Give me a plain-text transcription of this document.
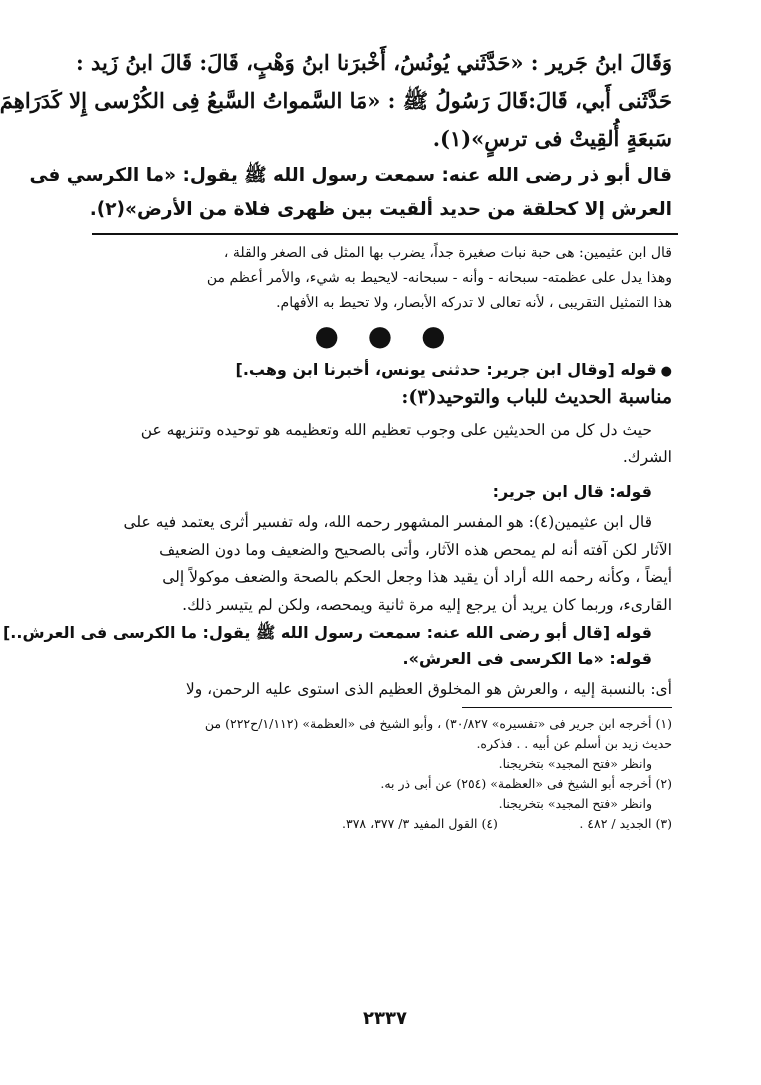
وَقَالَ ابنُ جَرير : «حَدَّثَني يُونُسُ، أَخْبرَنا ابنُ وَهْبٍ، قَالَ: قَالَ ابنُ زَيد :
حَدَّثَنى أَبي، قَالَ:قَالَ رَسُولُ ﷺ : «مَا السَّمواتُ السَّبعُ فِى الكُرْسى إِلا كَدَرَاهِمَ
سَبعَةٍ أُلقِيتْ فى ترسٍ»(١).
قال أبو ذر رضى الله عنه: سمعت رسول الله ﷺ يقول: «ما الكرسي فى
العرش إلا كحلقة من حديد ألقيت بين ظهرى فلاة من الأرض»(٢).
قال ابن عثيمين: هى حبة نبات صغيرة جداً، يضرب بها المثل فى الصغر والقلة ،
وهذا يدل على عظمته- سبحانه - وأنه - سبحانه- لايحيط به شيء، والأمر أعظم من
هذا التمثيل التقريبى ، لأنه تعالى لا تدركه الأبصار، ولا تحيط به الأفهام.
● ● ●
●قوله [وقال ابن جرير: حدثنى يونس، أخبرنا ابن وهب.]
مناسبة الحديث للباب والتوحيد(٣):
حيث دل كل من الحديثين على وجوب تعظيم الله وتعظيمه هو توحيده وتنزيهه عن
الشرك.
قوله: قال ابن جرير:
قال ابن عثيمين(٤): هو المفسر المشهور رحمه الله، وله تفسير أثرى يعتمد فيه على
الآثار لكن آفته أنه لم يمحص هذه الآثار، وأتى بالصحيح والضعيف وما دون الضعيف
أيضاً ، وكأنه رحمه الله أراد أن يقيد هذا وجعل الحكم بالصحة والضعف موكولاً إلى
القارىء، وربما كان يريد أن يرجع إليه مرة ثانية ويمحصه، ولكن لم يتيسر ذلك.
قوله [قال أبو رضى الله عنه: سمعت رسول الله ﷺ يقول: ما الكرسى فى العرش..]
قوله: «ما الكرسى فى العرش».
أى: بالنسبة إليه ، والعرش هو المخلوق العظيم الذى استوى عليه الرحمن، ولا
(١) أخرجه ابن جرير فى «تفسيره» ٣٠/٨٢٧) ، وأبو الشيخ فى «العظمة» (١/١١٢/ح٢٢٢) من
حديث زيد بن أسلم عن أبيه . . فذكره.
وانظر «فتح المجيد» بتخريجنا.
(٢) أخرجه أبو الشيخ فى «العظمة» (٢٥٤) عن أبى ذر به.
وانظر «فتح المجيد» بتخريجنا.
(٣) الجديد / ٤٨٢ .
(٤) القول المفيد ٣/ ٣٧٧، ٣٧٨.
٢٣٣٧
